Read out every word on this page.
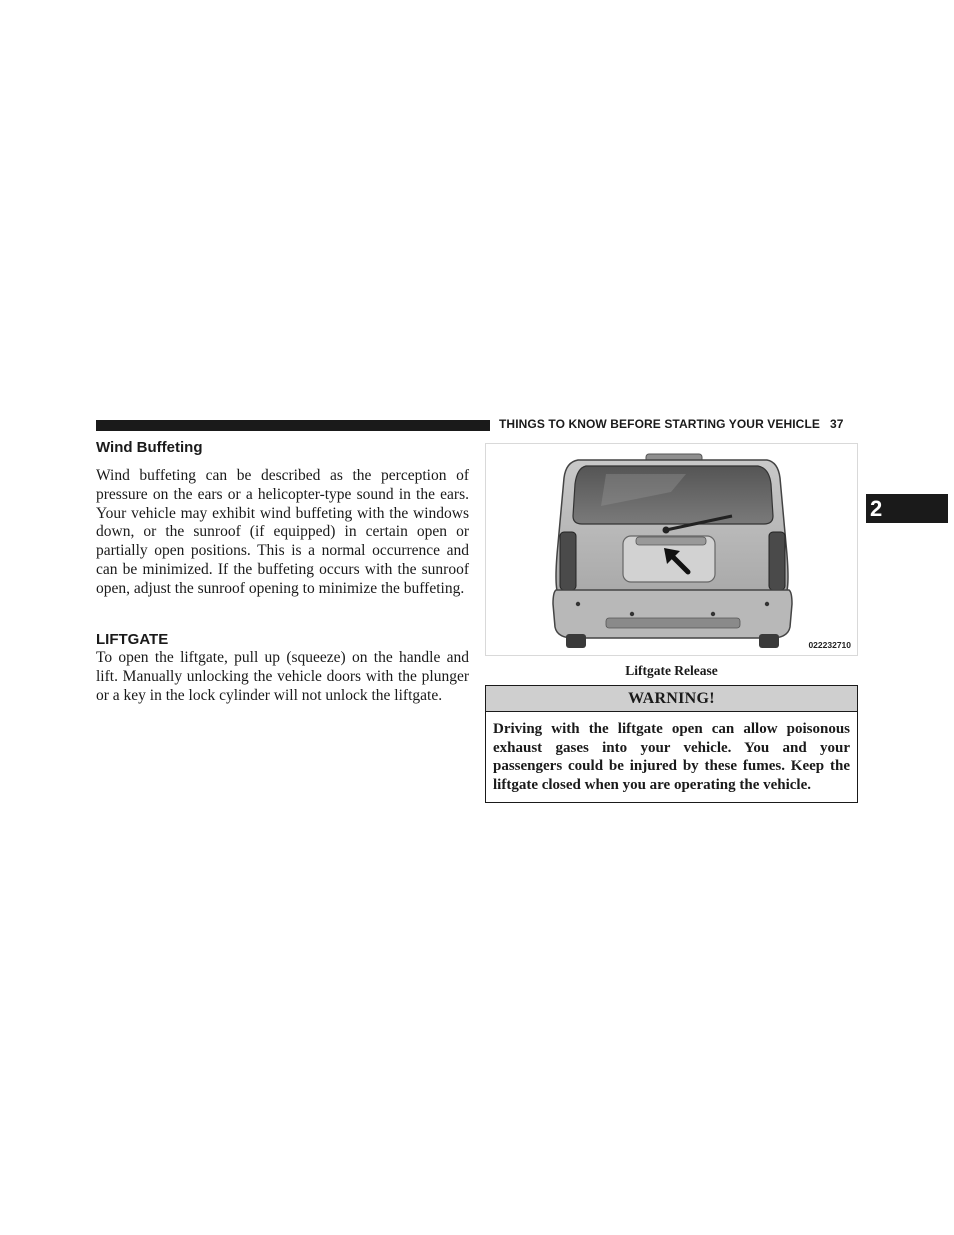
THINGS TO KNOW BEFORE STARTING YOUR VEHICLE 37
2
Wind Buffeting

Wind buffeting can be described as the perception of pressure on the ears or a helicopter-type sound in the ears. Your vehicle may exhibit wind buffeting with the windows down, or the sunroof (if equipped) in certain open or partially open positions. This is a normal occurrence and can be minimized. If the buffeting occurs with the sunroof open, adjust the sunroof opening to minimize the buffeting.

LIFTGATE

To open the liftgate, pull up (squeeze) on the handle and lift. Manually unlocking the vehicle doors with the plunger or a key in the lock cylinder will not unlock the liftgate.

022232710
Liftgate Release
WARNING!

Driving with the liftgate open can allow poisonous exhaust gases into your vehicle. You and your passengers could be injured by these fumes. Keep the liftgate closed when you are operating the vehicle.
